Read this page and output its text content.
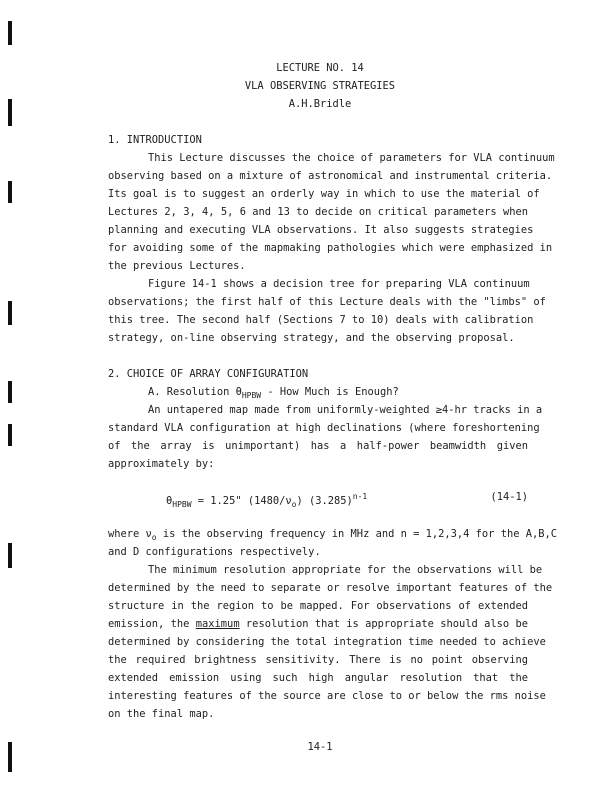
LECTURE NO. 14
VLA OBSERVING STRATEGIES
A.H.Bridle
1. INTRODUCTION
This Lecture discusses the choice of parameters for VLA continuum
observing based on a mixture of astronomical and instrumental criteria.
Its goal is to suggest an orderly way in which to use the material of
Lectures 2, 3, 4, 5, 6 and 13 to decide on critical parameters when
planning and executing VLA observations. It also suggests strategies
for avoiding some of the mapmaking pathologies which were emphasized in
the previous Lectures.
Figure 14-1 shows a decision tree for preparing VLA continuum
observations; the first half of this Lecture deals with the "limbs" of
this tree. The second half (Sections 7 to 10) deals with calibration
strategy, on-line observing strategy, and the observing proposal.
2. CHOICE OF ARRAY CONFIGURATION
A. Resolution $\theta_{HPBW}$ - How Much is Enough?
An untapered map made from uniformly-weighted ≥4-hr tracks in a
standard VLA configuration at high declinations (where foreshortening
of the array is unimportant) has a half-power beamwidth given
approximately by:
$\theta_{HPBW} = 1.25$" $(1480/\nu_o)$ $(3.285)^{n-1}$	(14-1)
where $\nu_o$ is the observing frequency in MHz and n = 1,2,3,4 for the A,B,C
and D configurations respectively.
The minimum resolution appropriate for the observations will be
determined by the need to separate or resolve important features of the
structure in the region to be mapped. For observations of extended
emission, the maximum resolution that is appropriate should also be
determined by considering the total integration time needed to achieve
the required brightness sensitivity. There is no point observing
extended emission using such high angular resolution that the
interesting features of the source are close to or below the rms noise
on the final map.
14-1
